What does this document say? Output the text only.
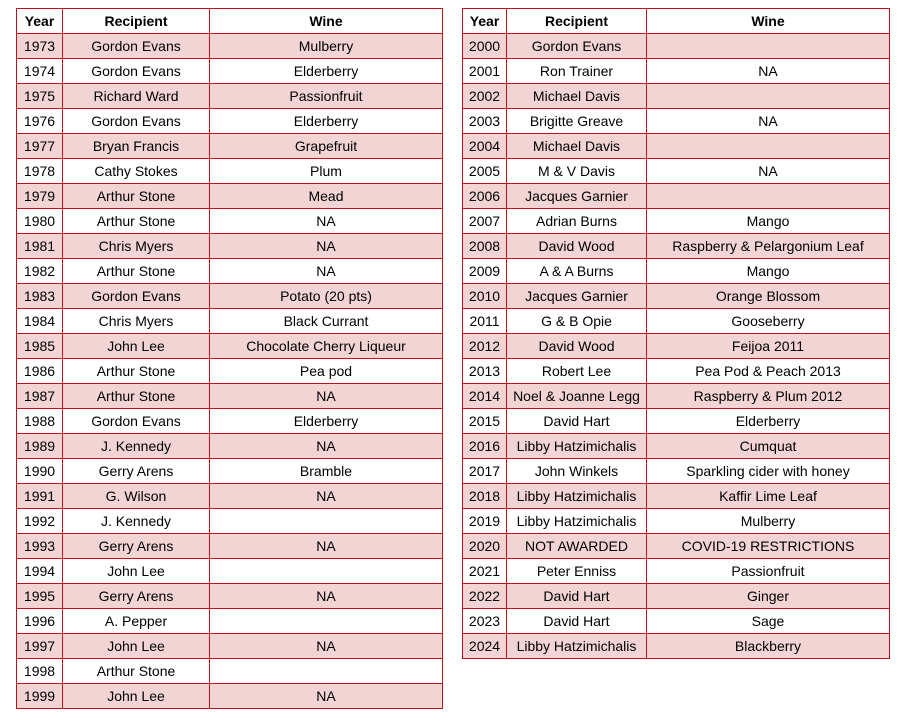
Year	Recipient	Wine
1973	Gordon Evans	Mulberry
1974	Gordon Evans	Elderberry
1975	Richard Ward	Passionfruit
1976	Gordon Evans	Elderberry
1977	Bryan Francis	Grapefruit
1978	Cathy Stokes	Plum
1979	Arthur Stone	Mead
1980	Arthur Stone	NA
1981	Chris Myers	NA
1982	Arthur Stone	NA
1983	Gordon Evans	Potato (20 pts)
1984	Chris Myers	Black Currant
1985	John Lee	Chocolate Cherry Liqueur
1986	Arthur Stone	Pea pod
1987	Arthur Stone	NA
1988	Gordon Evans	Elderberry
1989	J. Kennedy	NA
1990	Gerry Arens	Bramble
1991	G. Wilson	NA
1992	J. Kennedy	
1993	Gerry Arens	NA
1994	John Lee	
1995	Gerry Arens	NA
1996	A. Pepper	
1997	John Lee	NA
1998	Arthur Stone	
1999	John Lee	NA
Year	Recipient	Wine
2000	Gordon Evans	
2001	Ron Trainer	NA
2002	Michael Davis	
2003	Brigitte Greave	NA
2004	Michael Davis	
2005	M & V Davis	NA
2006	Jacques Garnier	
2007	Adrian Burns	Mango
2008	David Wood	Raspberry & Pelargonium Leaf
2009	A & A Burns	Mango
2010	Jacques Garnier	Orange Blossom
2011	G & B Opie	Gooseberry
2012	David Wood	Feijoa 2011
2013	Robert Lee	Pea Pod & Peach 2013
2014	Noel & Joanne Legg	Raspberry & Plum 2012
2015	David Hart	Elderberry
2016	Libby Hatzimichalis	Cumquat
2017	John Winkels	Sparkling cider with honey
2018	Libby Hatzimichalis	Kaffir Lime Leaf
2019	Libby Hatzimichalis	Mulberry
2020	NOT AWARDED	COVID-19 RESTRICTIONS
2021	Peter Enniss	Passionfruit
2022	David Hart	Ginger
2023	David Hart	Sage
2024	Libby Hatzimichalis	Blackberry
